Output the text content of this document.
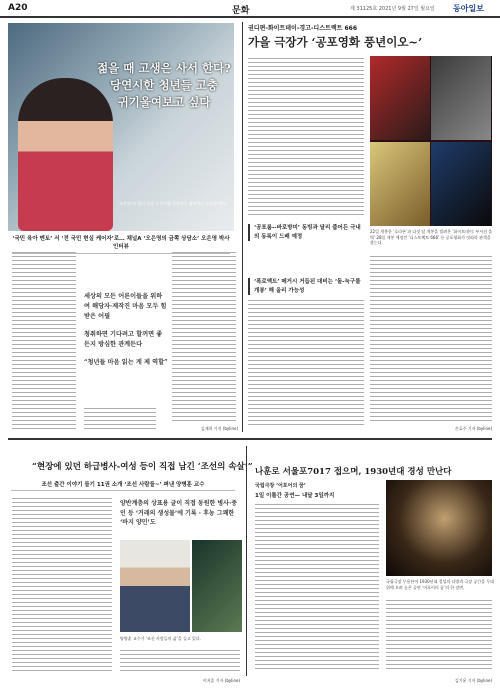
A20	문화	제 31125호 2021년 9월 27일 월요일 동아일보
젊을 때 고생은 사서 한다?
당연시한 청년들 고충
귀기울여보고 싶다
‘오은영’의 정신 상담 프로그램 진행자로 출연하는 오은영 박사
‘국민 육아 멘토’ 서 ‘전 국민 현실 케어자’로… 채널A ‘오은영의 금쪽 상담소’ 오은영 박사 인터뷰
세상의 모든 어른이들을 위하여 해당자·제작진 마음 모두 힘 받은 어필
청취하면 기다려고 할꺼면 좋든지 방심한 관계든다
“청년들 마음 읽는 게 제 역할”
김재희 기자 (byline)
권디편-화이트데이-경고-디스트랙트 666
가을 극장가 ‘공포영화 풍년이오~’
22일 개봉한 ‘호라폰’과 다섯 달 개봉을 빌려온 ‘화이트데이: 부서진 올벽’ 28일 개봉 예정인 ‘디스트랙트 666’ 등 공포영화가 잇따라 관객을 찾는다.
‘공포룸--바로방미’ 동빙과 달리 줍어든 극내의 동록이 드배 예정
‘폭로액트’ 메거시 거듭된 대비는 ‘돌-눅구를 개봉’ 해 올리 가능성
손효주 기자 (byline)
“현장에 있던 하급병사-여성 등이 직접 남긴 ‘조선의 속살’”
조선 출간 이야기 들기 11권 소개 ‘조선 사람들~’ 펴낸 양병훈 교수
양반계층의 상표용 글이 직접 동원한 병사·중인 등 ‘거래의 생성물’에 기록 · 후농 그쾌한 ‘바지 양민’도
양병훈 교수가 ‘조선 사람들의 삶’을 들고 있다.
이지훈 기자 (byline)
나훈로 서울포7017 접으며, 1930년대 경성 만난다
국립극장 ‘어포어의 꿈’
1일 이틀간 공연— 내달 3일까지
국립극장 무용단이 1930년대 경성의 다방과 극장 공간을 무대 위에 오려 놓은 공연 ‘어포어의 꿈’의 한 장면.
김기윤 기자 (byline)
